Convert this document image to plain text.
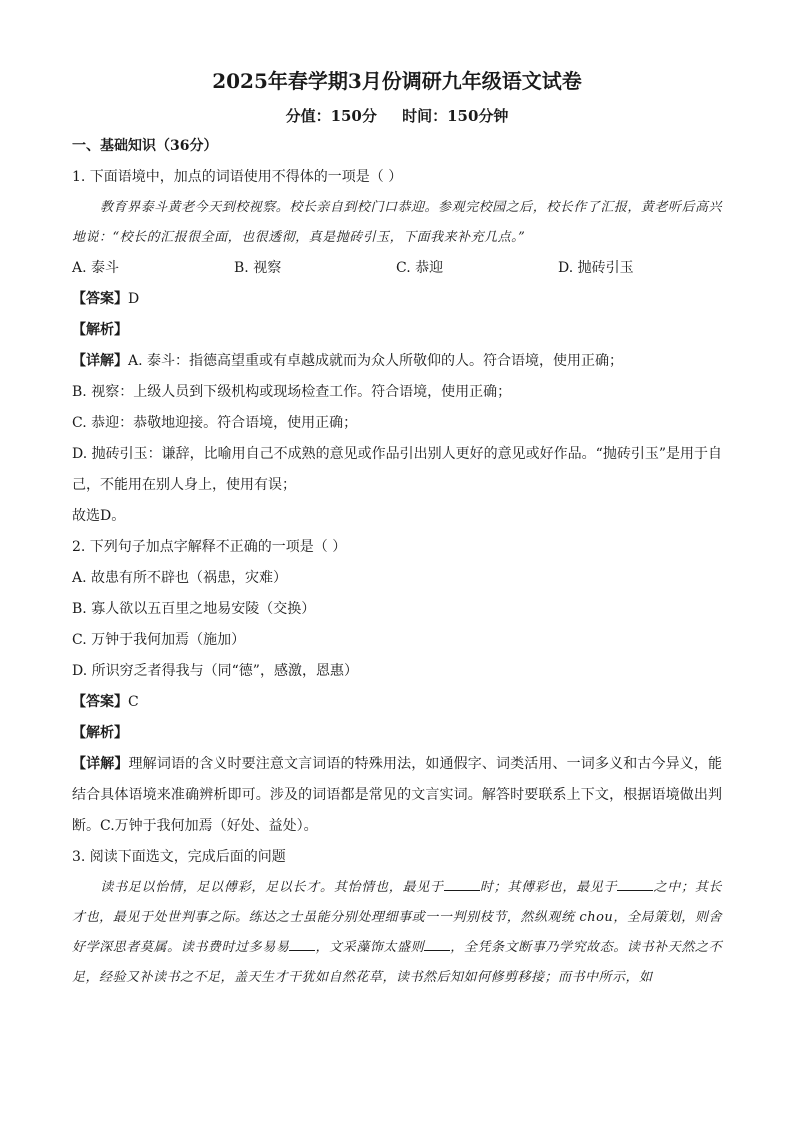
2025年春学期3月份调研九年级语文试卷
分值：150分 时间：150分钟
一、基础知识（36分）
1. 下面语境中，加点的词语使用不得体的一项是（ ）
教育界泰斗黄老今天到校视察。校长亲自到校门口恭迎。参观完校园之后，校长作了汇报，黄老听后高兴地说：“校长的汇报很全面，也很透彻，真是抛砖引玉，下面我来补充几点。”
A. 泰斗	B. 视察	C. 恭迎	D. 抛砖引玉
【答案】D
【解析】
【详解】A. 泰斗：指德高望重或有卓越成就而为众人所敬仰的人。符合语境，使用正确；
B. 视察：上级人员到下级机构或现场检查工作。符合语境，使用正确；
C. 恭迎：恭敬地迎接。符合语境，使用正确；
D. 抛砖引玉：谦辞，比喻用自己不成熟的意见或作品引出别人更好的意见或好作品。“抛砖引玉”是用于自己，不能用在别人身上，使用有误；
故选D。
2. 下列句子加点字解释不正确的一项是（ ）
A. 故患有所不辟也（祸患，灾难）
B. 寡人欲以五百里之地易安陵（交换）
C. 万钟于我何加焉（施加）
D. 所识穷乏者得我与（同“德”，感激，恩惠）
【答案】C
【解析】
【详解】理解词语的含义时要注意文言词语的特殊用法，如通假字、词类活用、一词多义和古今异义，能结合具体语境来准确辨析即可。涉及的词语都是常见的文言实词。解答时要联系上下文，根据语境做出判断。C.万钟于我何加焉（好处、益处）。
3. 阅读下面选文，完成后面的问题
读书足以怡情，足以傅彩，足以长才。其怡情也，最见于	时；其傅彩也，最见于	之中；其长才也，最见于处世判事之际。练达之士虽能分别处理细事或一一判别枝节，然纵观统 chou，全局策划，则舍好学深思者莫属。读书费时过多易易 ，文采藻饰太盛则 ，全凭条文断事乃学究故态。读书补天然之不足，经验又补读书之不足，盖天生才干犹如自然花草，读书然后知如何修剪移接；而书中所示，如
